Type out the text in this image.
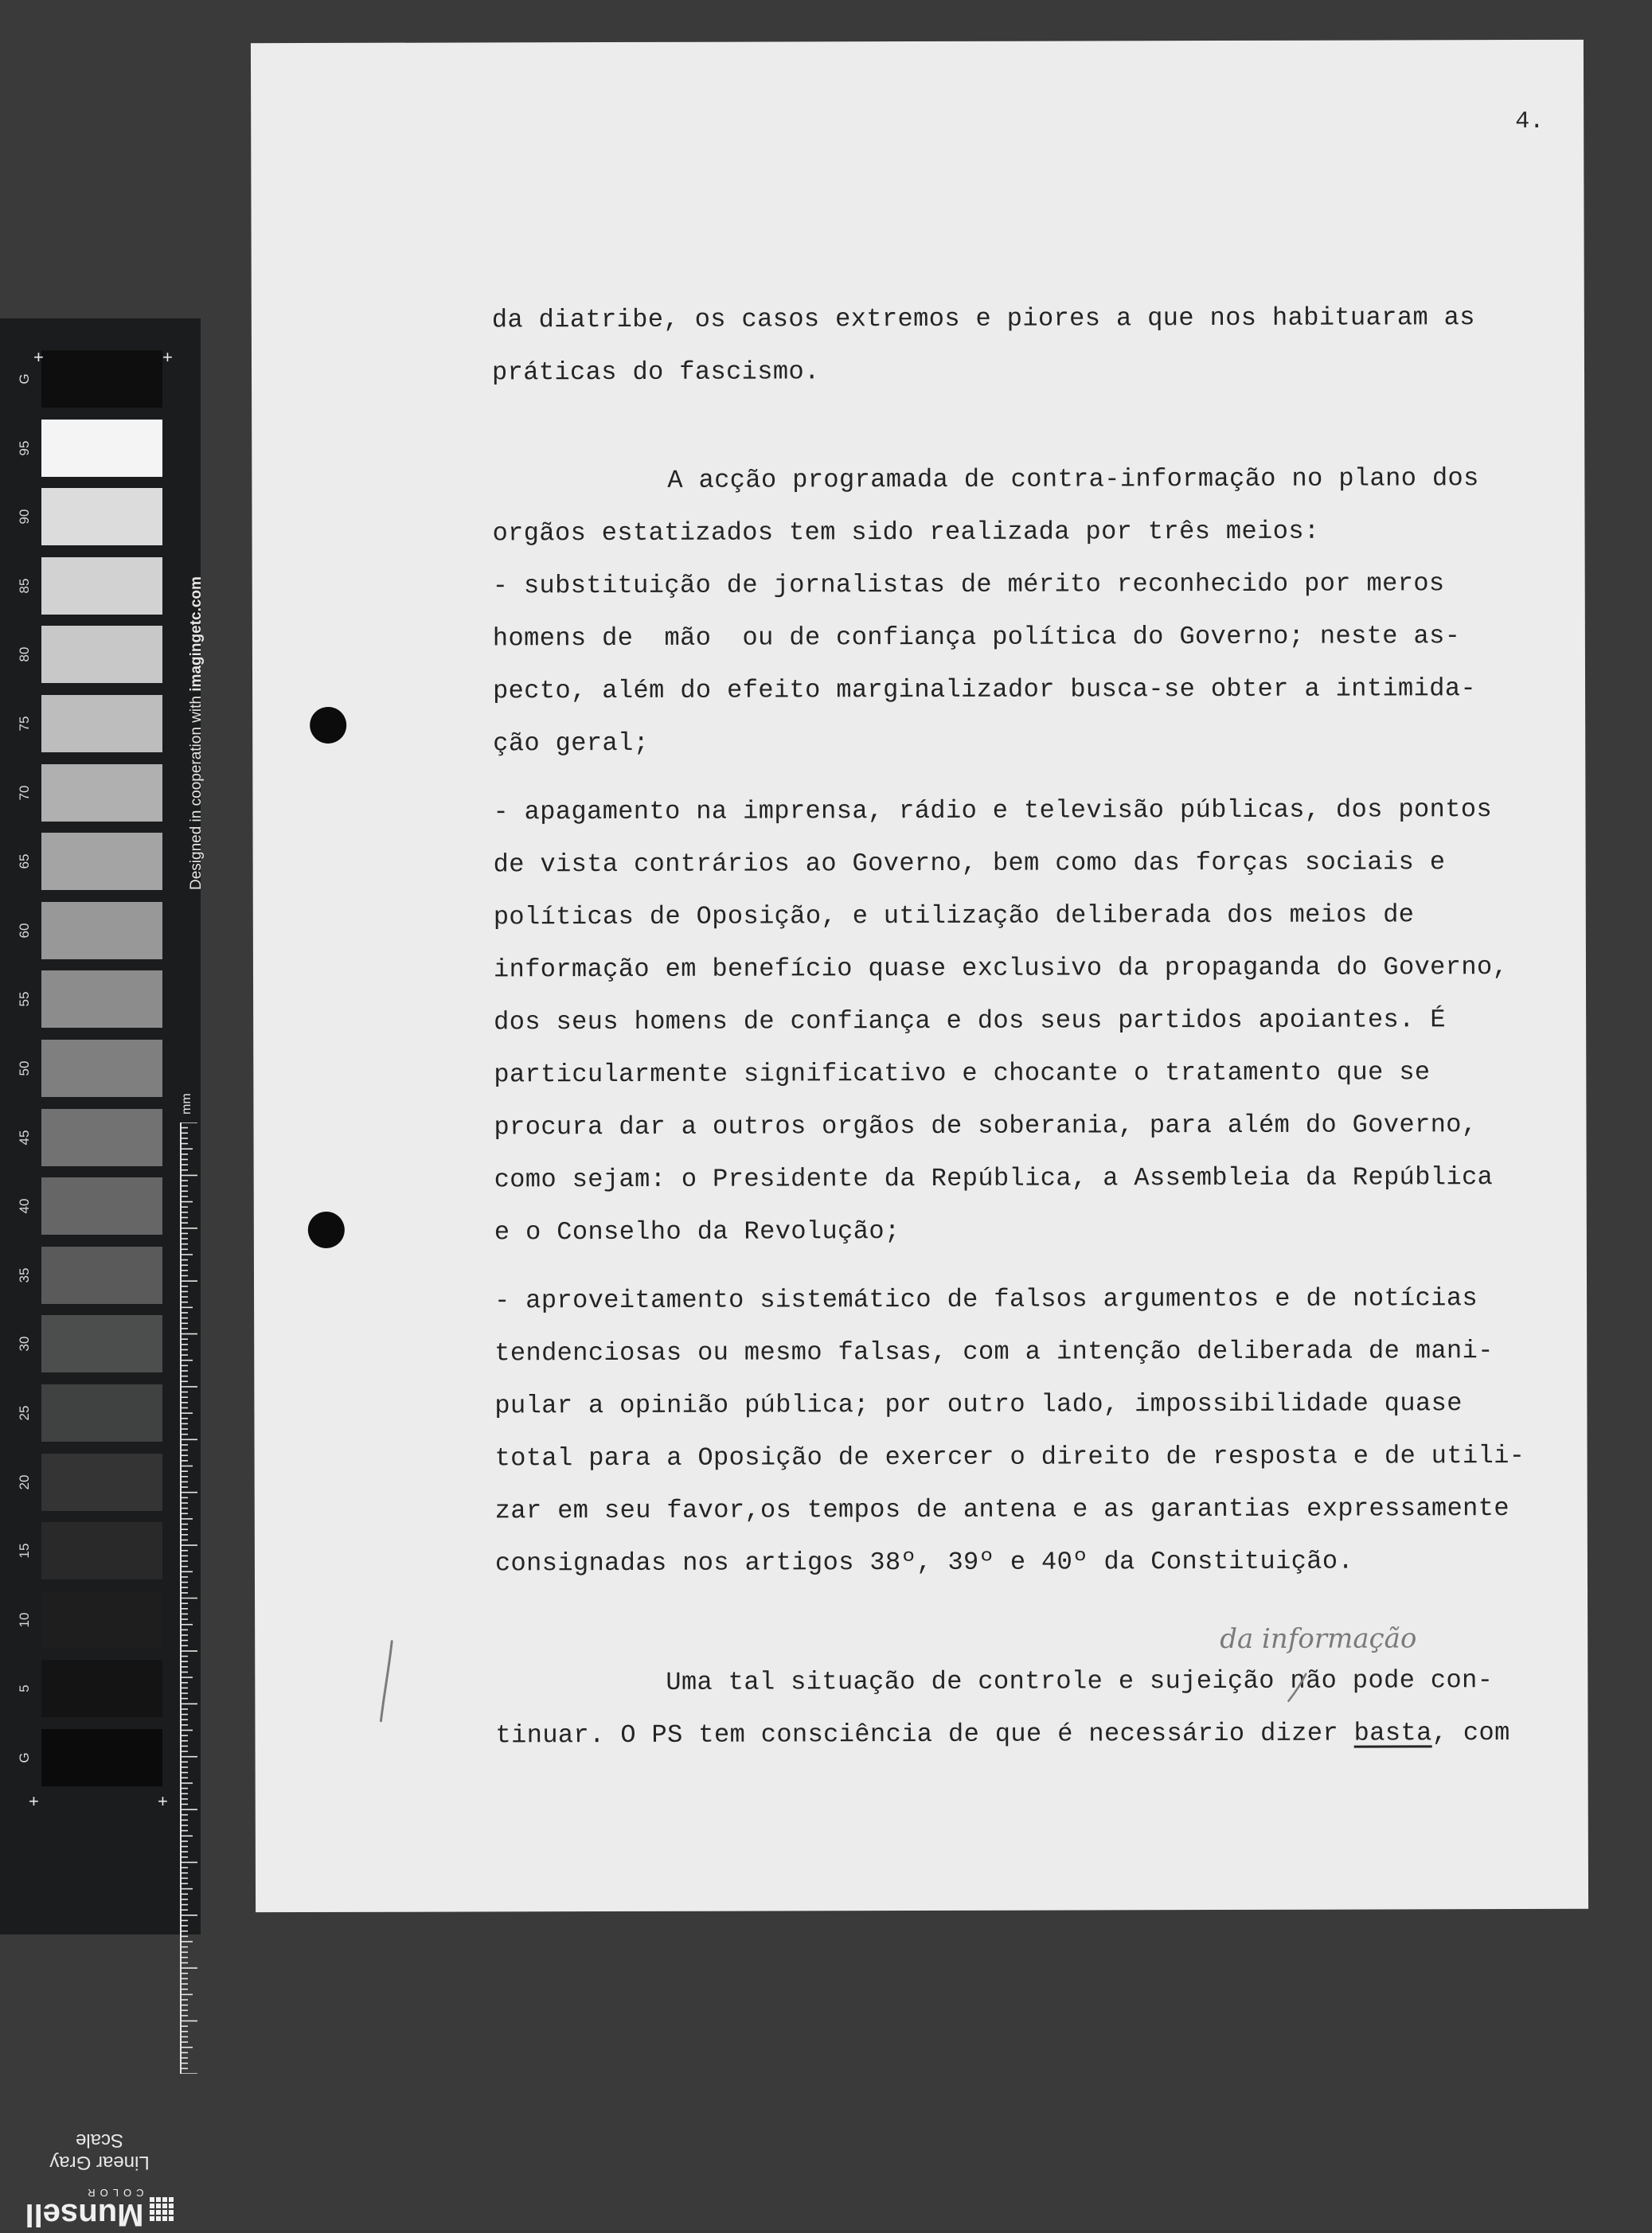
G
95
90
85
80
75
70
65
60
55
50
45
40
35
30
25
20
15
10
5
G
+	+
+	+
Designed in cooperation with imagingetc.com
mm
Linear Gray Scale
Munsell
COLOR
4.
da diatribe, os casos extremos e piores a que nos habituaram as
práticas do fascismo.
A acção programada de contra-informação no plano dos
orgãos estatizados tem sido realizada por três meios:
- substituição de jornalistas de mérito reconhecido por meros
homens de  mão  ou de confiança política do Governo; neste as-
pecto, além do efeito marginalizador busca-se obter a intimida-
ção geral;
- apagamento na imprensa, rádio e televisão públicas, dos pontos
de vista contrários ao Governo, bem como das forças sociais e
políticas de Oposição, e utilização deliberada dos meios de
informação em benefício quase exclusivo da propaganda do Governo,
dos seus homens de confiança e dos seus partidos apoiantes. É
particularmente significativo e chocante o tratamento que se
procura dar a outros orgãos de soberania, para além do Governo,
como sejam: o Presidente da República, a Assembleia da República
e o Conselho da Revolução;
- aproveitamento sistemático de falsos argumentos e de notícias
tendenciosas ou mesmo falsas, com a intenção deliberada de mani-
pular a opinião pública; por outro lado, impossibilidade quase
total para a Oposição de exercer o direito de resposta e de utili-
zar em seu favor,os tempos de antena e as garantias expressamente
consignadas nos artigos 38º, 39º e 40º da Constituição.
da informação
Uma tal situação de controle e sujeição não pode con-
tinuar. O PS tem consciência de que é necessário dizer basta, com
